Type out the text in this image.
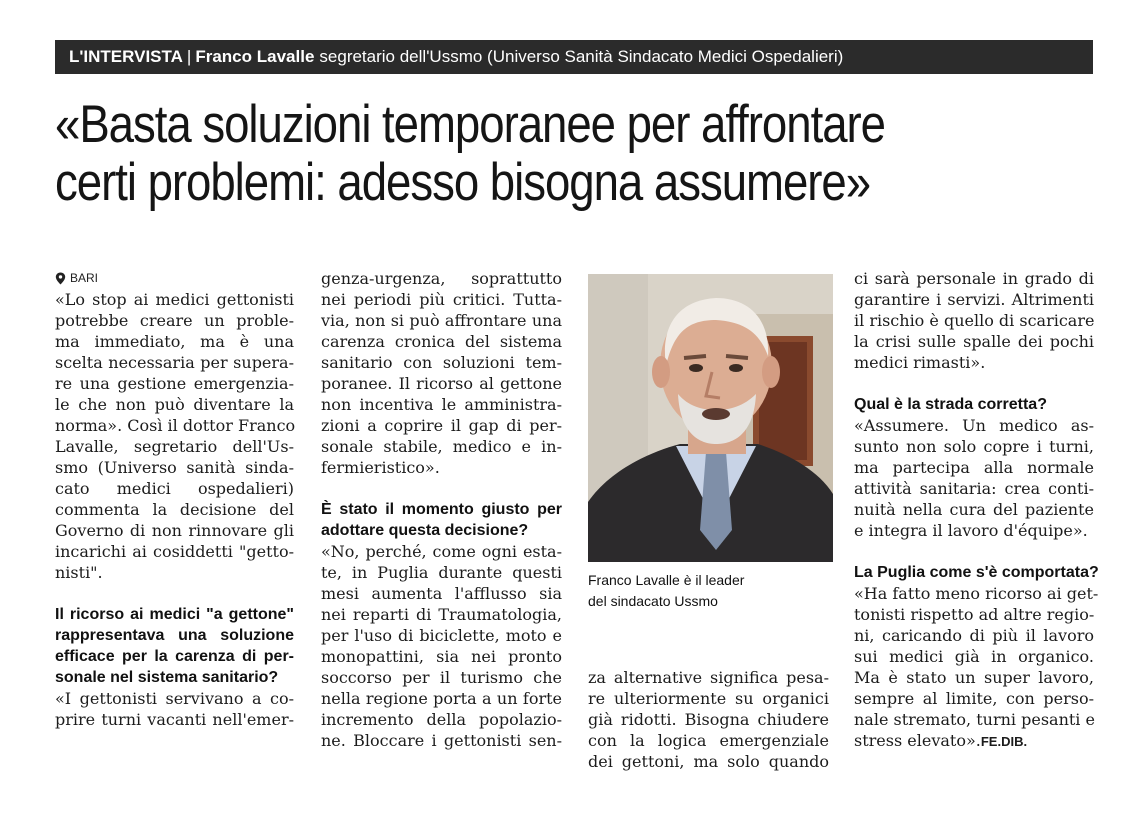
L'INTERVISTA | Franco Lavalle segretario dell'Ussmo (Universo Sanità Sindacato Medici Ospedalieri)
«Basta soluzioni temporanee per affrontare
certi problemi: adesso bisogna assumere»
BARI

«Lo stop ai medici gettonisti
potrebbe creare un proble-
ma immediato, ma è una
scelta necessaria per supera-
re una gestione emergenzia-
le che non può diventare la
norma». Così il dottor Franco
Lavalle, segretario dell'Us-
smo (Universo sanità sinda-
cato medici ospedalieri)
commenta la decisione del
Governo di non rinnovare gli
incarichi ai cosiddetti "getto-
nisti".

Il ricorso ai medici "a gettone"
rappresentava una soluzione
efficace per la carenza di per-
sonale nel sistema sanitario?

«I gettonisti servivano a co-
prire turni vacanti nell'emer-

genza-urgenza, soprattutto
nei periodi più critici. Tutta-
via, non si può affrontare una
carenza cronica del sistema
sanitario con soluzioni tem-
poranee. Il ricorso al gettone
non incentiva le amministra-
zioni a coprire il gap di per-
sonale stabile, medico e in-
fermieristico».

È stato il momento giusto per
adottare questa decisione?

«No, perché, come ogni esta-
te, in Puglia durante questi
mesi aumenta l'afflusso sia
nei reparti di Traumatologia,
per l'uso di biciclette, moto e
monopattini, sia nei pronto
soccorso per il turismo che
nella regione porta a un forte
incremento della popolazio-
ne. Bloccare i gettonisti sen-

Franco Lavalle è il leader
del sindacato Ussmo

za alternative significa pesa-
re ulteriormente su organici
già ridotti. Bisogna chiudere
con la logica emergenziale
dei gettoni, ma solo quando

ci sarà personale in grado di
garantire i servizi. Altrimenti
il rischio è quello di scaricare
la crisi sulle spalle dei pochi
medici rimasti».

Qual è la strada corretta?

«Assumere. Un medico as-
sunto non solo copre i turni,
ma partecipa alla normale
attività sanitaria: crea conti-
nuità nella cura del paziente
e integra il lavoro d'équipe».

La Puglia come s'è comportata?

«Ha fatto meno ricorso ai get-
tonisti rispetto ad altre regio-
ni, caricando di più il lavoro
sui medici già in organico.
Ma è stato un super lavoro,
sempre al limite, con perso-
nale stremato, turni pesanti e
stress elevato».FE.DIB.
